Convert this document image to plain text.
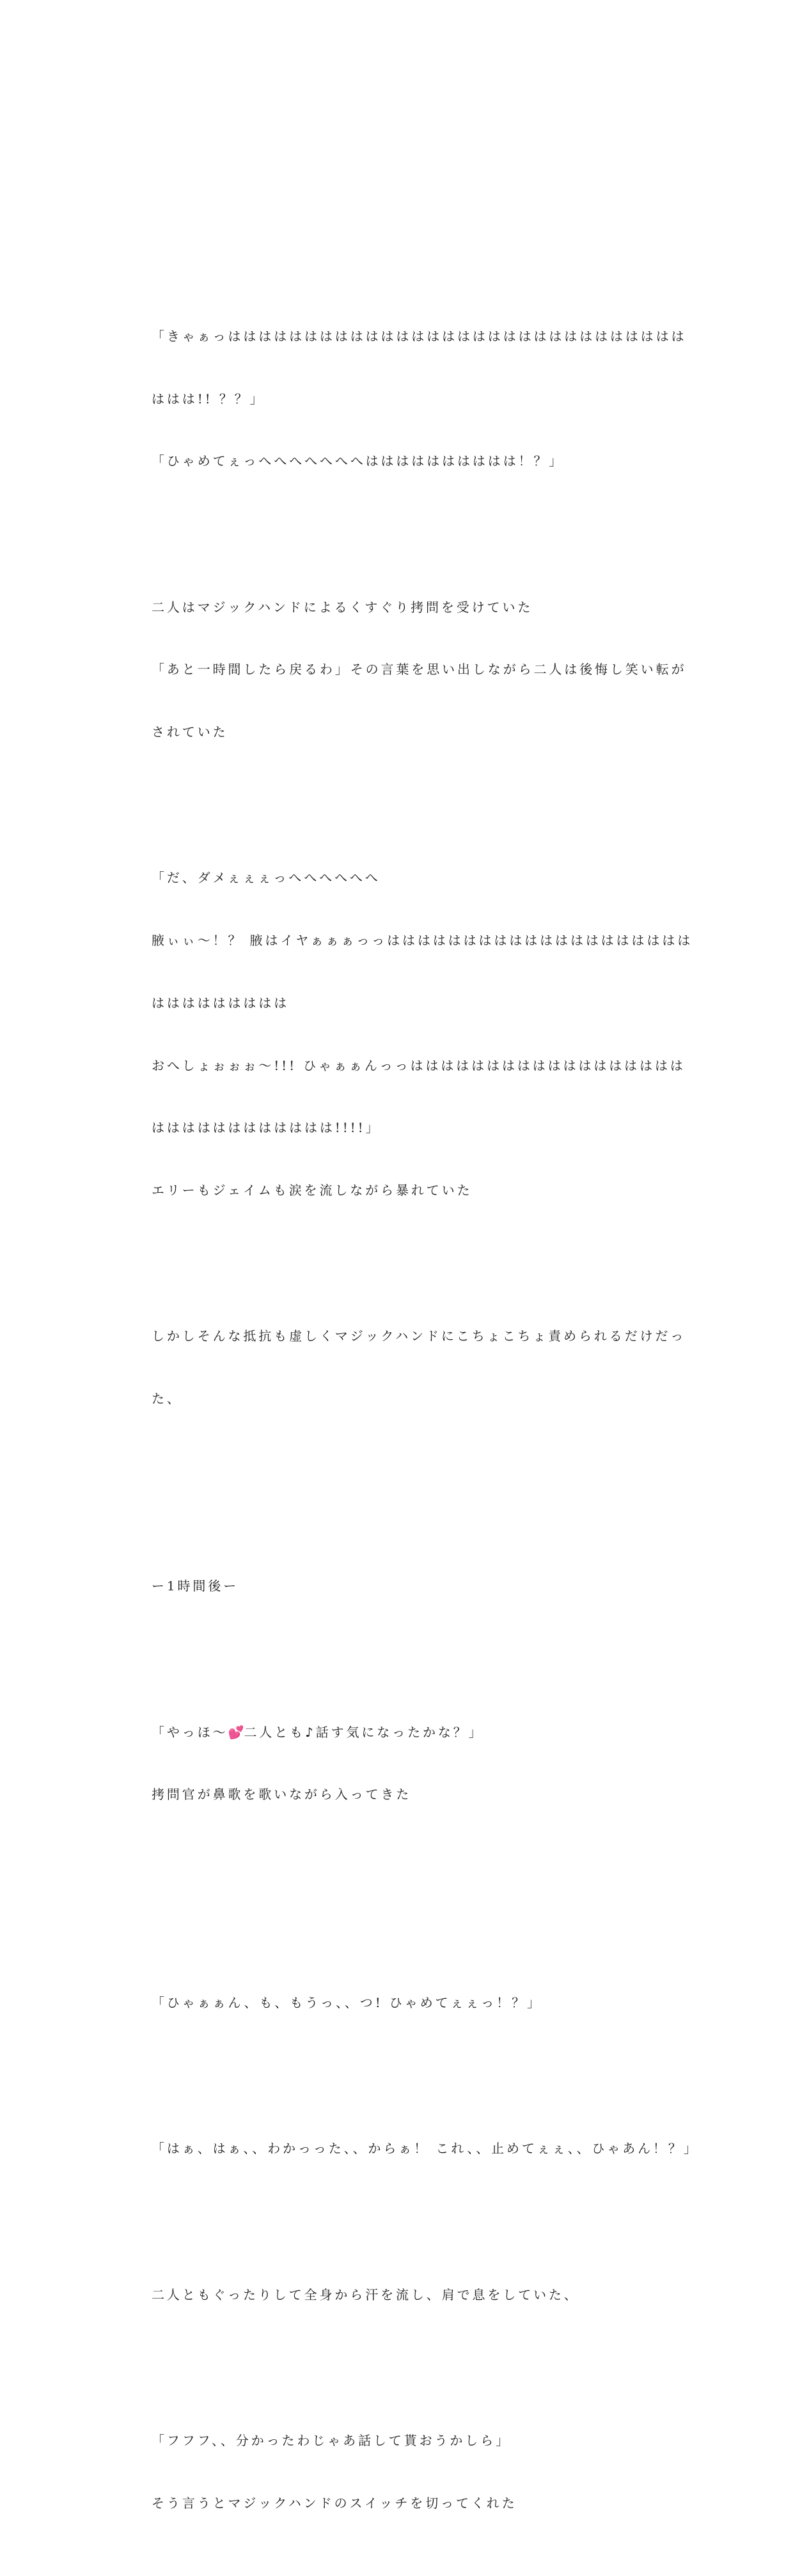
「きゃぁっはははははははははははははははははははははははははははははは

ははは!! ？？」

「ひゃめてぇっへへへへへへへはははははははははは！？」

二人はマジックハンドによるくすぐり拷問を受けていた

「あと一時間したら戻るわ」その言葉を思い出しながら二人は後悔し笑い転が

されていた

「だ、ダメぇぇぇっへへへへへへ

腋ぃぃ〜！？ 腋はイヤぁぁぁっっはははははははははははははははははははは

ははははははははは

おへしょぉぉぉ〜!!! ひゃぁぁんっっはははははははははははははははははは

はははははははははははは!!!!」

エリーもジェイムも涙を流しながら暴れていた

しかしそんな抵抗も虚しくマジックハンドにこちょこちょ責められるだけだっ

た、

ー1時間後ー

「やっほ〜💕二人とも♪話す気になったかな？」

拷問官が鼻歌を歌いながら入ってきた

「ひゃぁぁん、も、もうっ、、つ! ひゃめてぇぇっ！？」

「はぁ、はぁ、、わかっった、、からぁ！ これ、、止めてぇぇ、、ひゃあん！？」

二人ともぐったりして全身から汗を流し、肩で息をしていた、

「フフフ、、分かったわじゃあ話して貰おうかしら」

そう言うとマジックハンドのスイッチを切ってくれた
